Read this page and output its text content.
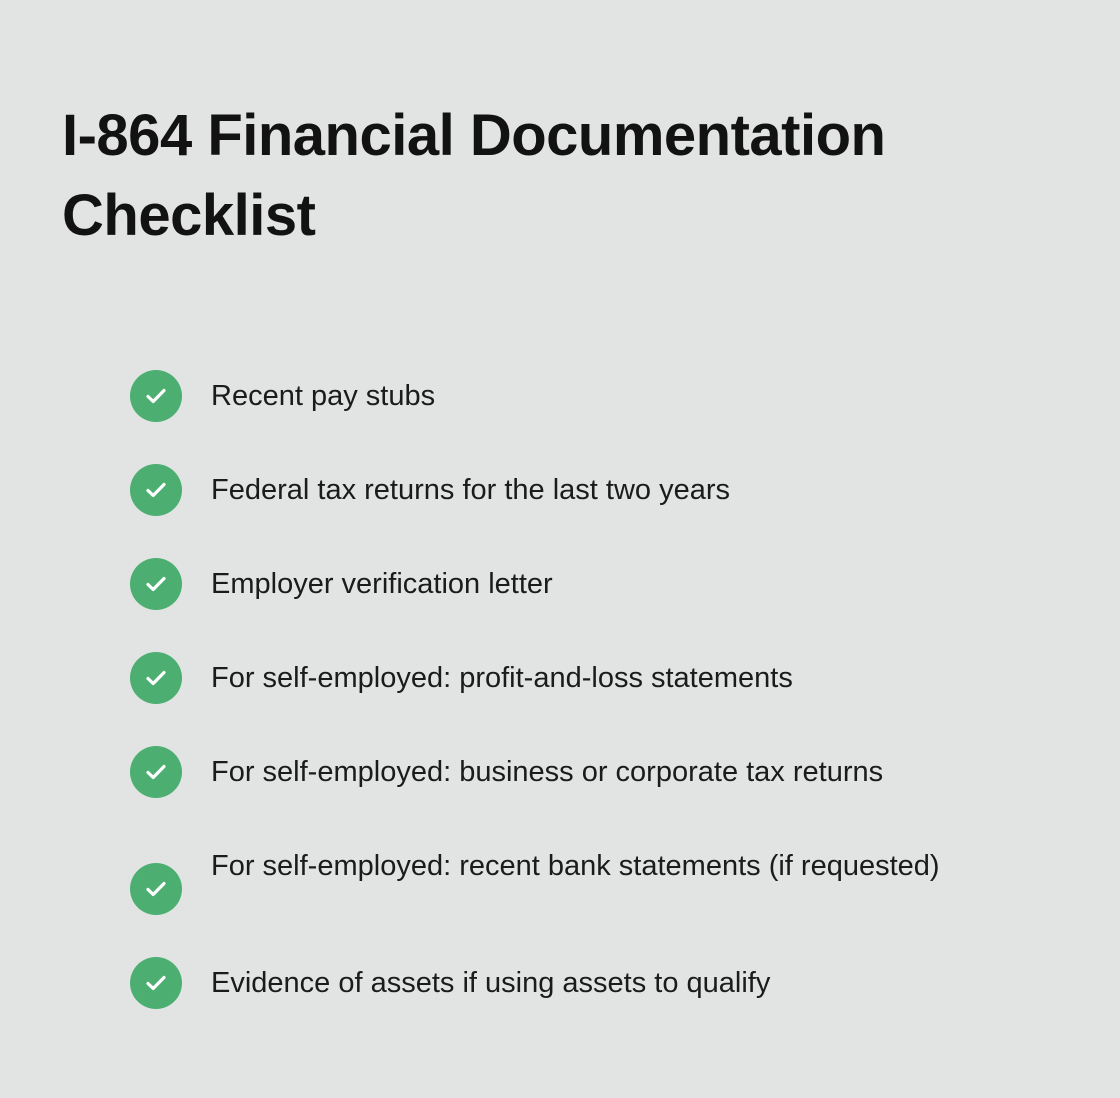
I-864 Financial Documentation Checklist
Recent pay stubs
Federal tax returns for the last two years
Employer verification letter
For self-employed: profit-and-loss statements
For self-employed: business or corporate tax returns
For self-employed: recent bank statements (if requested)
Evidence of assets if using assets to qualify
